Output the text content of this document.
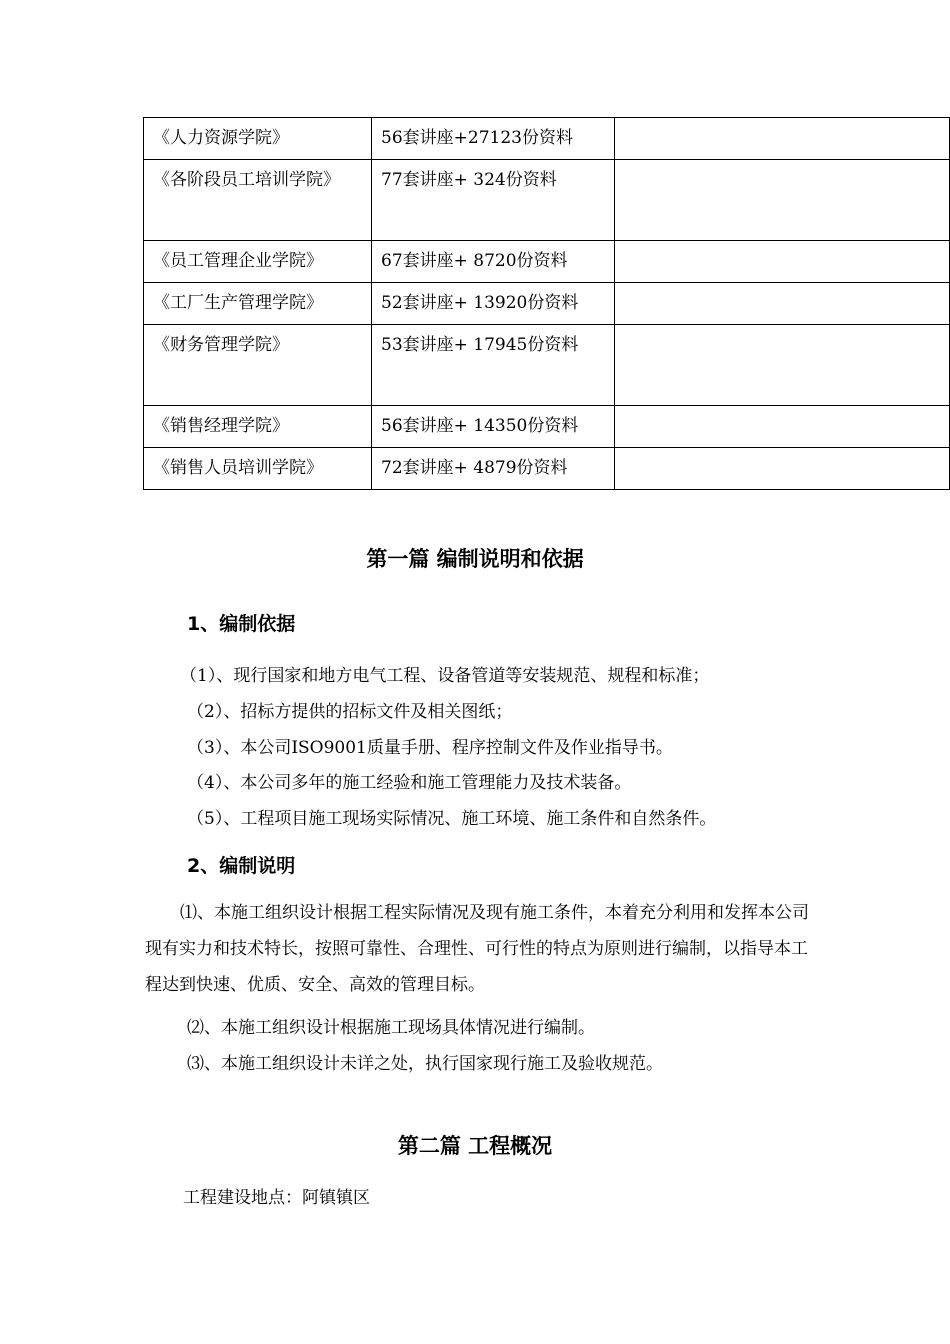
《人力资源学院》	56套讲座+27123份资料	
《各阶段员工培训学院》	77套讲座+ 324份资料	
《员工管理企业学院》	67套讲座+ 8720份资料	
《工厂生产管理学院》	52套讲座+ 13920份资料	
《财务管理学院》	53套讲座+ 17945份资料	
《销售经理学院》	56套讲座+ 14350份资料	
《销售人员培训学院》	72套讲座+ 4879份资料	
第一篇 编制说明和依据
1、编制依据

（1）、现行国家和地方电气工程、设备管道等安装规范、规程和标准；

（2）、招标方提供的招标文件及相关图纸；

（3）、本公司ISO9001质量手册、程序控制文件及作业指导书。

（4）、本公司多年的施工经验和施工管理能力及技术装备。

（5）、工程项目施工现场实际情况、施工环境、施工条件和自然条件。

2、编制说明

⑴、本施工组织设计根据工程实际情况及现有施工条件，本着充分利用和发挥本公司现有实力和技术特长，按照可靠性、合理性、可行性的特点为原则进行编制，以指导本工程达到快速、优质、安全、高效的管理目标。

⑵、本施工组织设计根据施工现场具体情况进行编制。

⑶、本施工组织设计未详之处，执行国家现行施工及验收规范。

第二篇 工程概况

工程建设地点：阿镇镇区
